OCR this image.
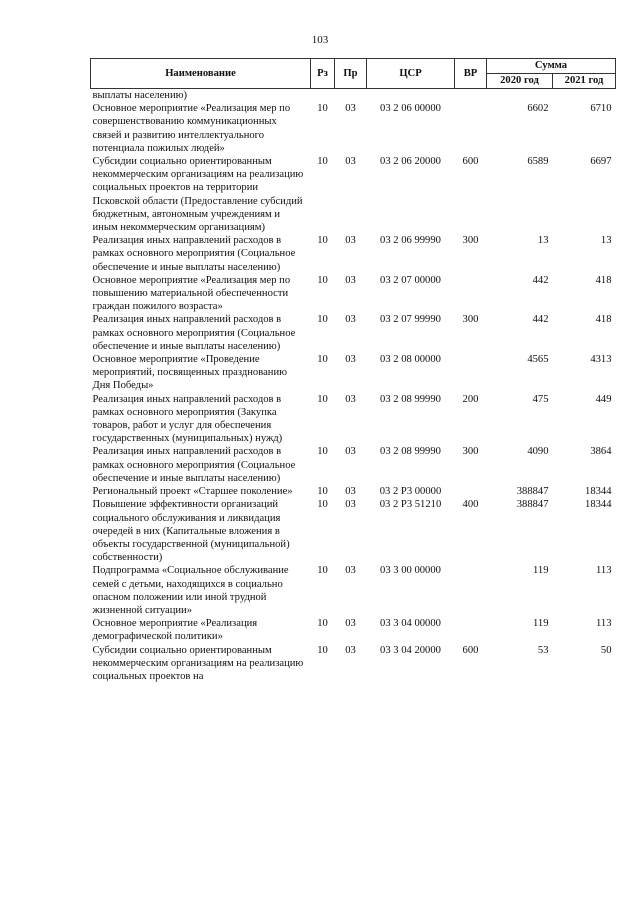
103
Наименование	Рз	Пр	ЦСР	ВР	Сумма	
					2020 год	2021 год
выплаты населению)						
Основное мероприятие «Реализация мер по совершенствованию коммуникационных связей и развитию интеллектуального потенциала пожилых людей»	10	03	03 2 06 00000		6602	6710
Субсидии социально ориентированным некоммерческим организациям на реализацию социальных проектов на территории Псковской области (Предоставление субсидий бюджетным, автономным учреждениям и иным некоммерческим организациям)	10	03	03 2 06 20000	600	6589	6697
Реализация иных направлений расходов в рамках основного мероприятия (Социальное обеспечение и иные выплаты населению)	10	03	03 2 06 99990	300	13	13
Основное мероприятие «Реализация мер по повышению материальной обеспеченности граждан пожилого возраста»	10	03	03 2 07 00000		442	418
Реализация иных направлений расходов в рамках основного мероприятия (Социальное обеспечение и иные выплаты населению)	10	03	03 2 07 99990	300	442	418
Основное мероприятие «Проведение мероприятий, посвященных празднованию Дня Победы»	10	03	03 2 08 00000		4565	4313
Реализация иных направлений расходов в рамках основного мероприятия (Закупка товаров, работ и услуг для обеспечения государственных (муниципальных) нужд)	10	03	03 2 08 99990	200	475	449
Реализация иных направлений расходов в рамках основного мероприятия (Социальное обеспечение и иные выплаты населению)	10	03	03 2 08 99990	300	4090	3864
Региональный проект «Старшее поколение»	10	03	03 2 P3 00000		388847	18344
Повышение эффективности организаций социального обслуживания и ликвидация очередей в них (Капитальные вложения в объекты государственной (муниципальной) собственности)	10	03	03 2 P3 51210	400	388847	18344
Подпрограмма «Социальное обслуживание семей с детьми, находящихся в социально опасном положении или иной трудной жизненной ситуации»	10	03	03 3 00 00000		119	113
Основное мероприятие «Реализация демографической политики»	10	03	03 3 04 00000		119	113
Субсидии социально ориентированным некоммерческим организациям на реализацию социальных проектов на	10	03	03 3 04 20000	600	53	50
